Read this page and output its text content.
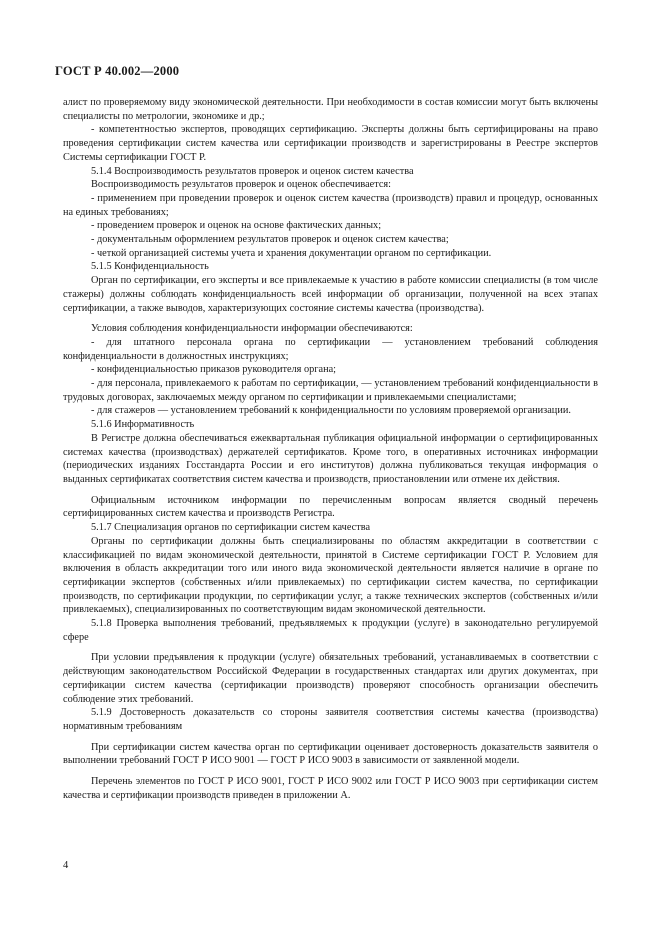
ГОСТ Р 40.002—2000

алист по проверяемому виду экономической деятельности. При необходимости в состав комиссии могут быть включены специалисты по метрологии, экономике и др.;

- компетентностью экспертов, проводящих сертификацию. Эксперты должны быть сертифицированы на право проведения сертификации систем качества или сертификации производств и зарегистрированы в Реестре экспертов Системы сертификации ГОСТ Р.

5.1.4 Воспроизводимость результатов проверок и оценок систем качества

Воспроизводимость результатов проверок и оценок обеспечивается:

- применением при проведении проверок и оценок систем качества (производств) правил и процедур, основанных на единых требованиях;

- проведением проверок и оценок на основе фактических данных;

- документальным оформлением результатов проверок и оценок систем качества;

- четкой организацией системы учета и хранения документации органом по сертификации.

5.1.5 Конфиденциальность

Орган по сертификации, его эксперты и все привлекаемые к участию в работе комиссии специалисты (в том числе стажеры) должны соблюдать конфиденциальность всей информации об организации, полученной на всех этапах сертификации, а также выводов, характеризующих состояние системы качества (производства).

Условия соблюдения конфиденциальности информации обеспечиваются:

- для штатного персонала органа по сертификации — установлением требований соблюдения конфиденциальности в должностных инструкциях;

- конфиденциальностью приказов руководителя органа;

- для персонала, привлекаемого к работам по сертификации, — установлением требований конфиденциальности в трудовых договорах, заключаемых между органом по сертификации и привлекаемыми специалистами;

- для стажеров — установлением требований к конфиденциальности по условиям проверяемой организации.

5.1.6 Информативность

В Регистре должна обеспечиваться ежеквартальная публикация официальной информации о сертифицированных системах качества (производствах) держателей сертификатов. Кроме того, в оперативных источниках информации (периодических изданиях Госстандарта России и его институтов) должна публиковаться текущая информация о выданных сертификатах соответствия систем качества и производств, приостановлении или отмене их действия.

Официальным источником информации по перечисленным вопросам является сводный перечень сертифицированных систем качества и производств Регистра.

5.1.7 Специализация органов по сертификации систем качества

Органы по сертификации должны быть специализированы по областям аккредитации в соответствии с классификацией по видам экономической деятельности, принятой в Системе сертификации ГОСТ Р. Условием для включения в область аккредитации того или иного вида экономической деятельности является наличие в органе по сертификации экспертов (собственных и/или привлекаемых) по сертификации систем качества, по сертификации производств, по сертификации продукции, по сертификации услуг, а также технических экспертов (собственных и/или привлекаемых), специализированных по соответствующим видам экономической деятельности.

5.1.8 Проверка выполнения требований, предъявляемых к продукции (услуге) в законодательно регулируемой сфере

При условии предъявления к продукции (услуге) обязательных требований, устанавливаемых в соответствии с действующим законодательством Российской Федерации в государственных стандартах или других документах, при сертификации систем качества (сертификации производств) проверяют способность организации обеспечить соблюдение этих требований.

5.1.9 Достоверность доказательств со стороны заявителя соответствия системы качества (производства) нормативным требованиям

При сертификации систем качества орган по сертификации оценивает достоверность доказательств заявителя о выполнении требований ГОСТ Р ИСО 9001 — ГОСТ Р ИСО 9003 в зависимости от заявленной модели.

Перечень элементов по ГОСТ Р ИСО 9001, ГОСТ Р ИСО 9002 или ГОСТ Р ИСО 9003 при сертификации систем качества и сертификации производств приведен в приложении А.

4
